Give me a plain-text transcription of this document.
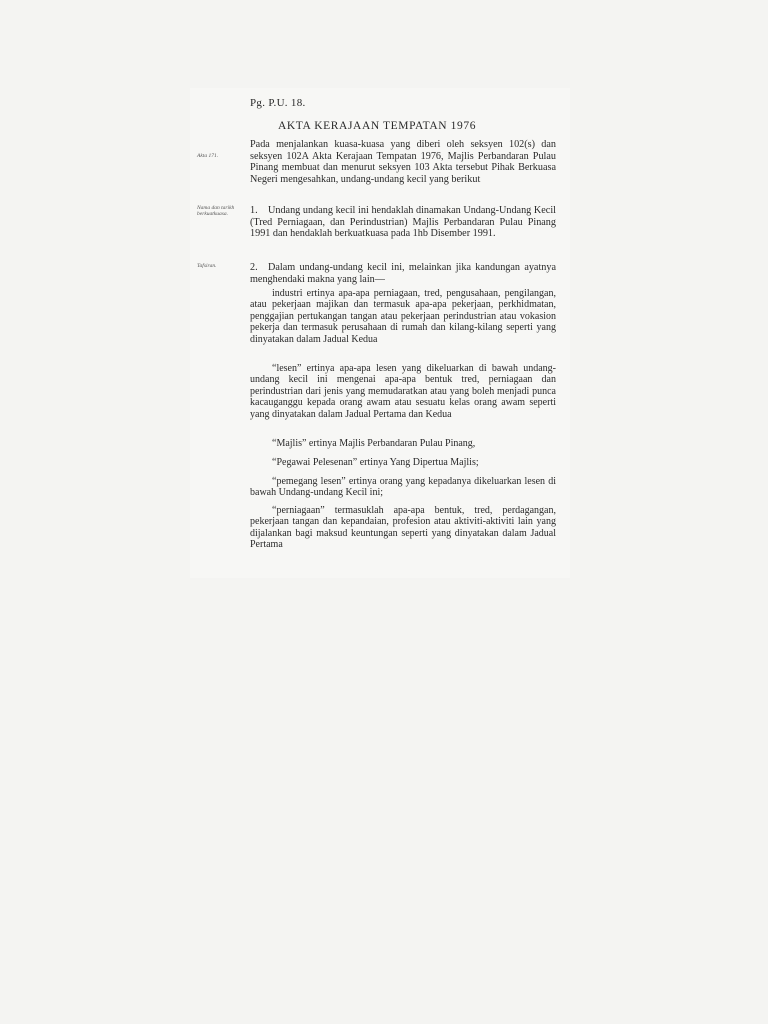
Pg. P.U. 18.
AKTA KERAJAAN TEMPATAN 1976
Akta 171.
Nama dan tarikh berkuatkuasa.
Tafsiran.
Pada menjalankan kuasa-kuasa yang diberi oleh seksyen 102(s) dan seksyen 102A Akta Kerajaan Tempatan 1976, Majlis Perbandaran Pulau Pinang membuat dan menurut seksyen 103 Akta tersebut Pihak Berkuasa Negeri mengesahkan, undang-undang kecil yang berikut
1. Undang undang kecil ini hendaklah dinamakan Undang-Undang Kecil (Tred Perniagaan, dan Perindustrian) Majlis Perbandaran Pulau Pinang 1991 dan hendaklah berkuatkuasa pada 1hb Disember 1991.
2. Dalam undang-undang kecil ini, melainkan jika kandungan ayatnya menghendaki makna yang lain—
industri ertinya apa-apa perniagaan, tred, pengusahaan, pengilangan, atau pekerjaan majikan dan termasuk apa-apa pekerjaan, perkhidmatan, penggajian pertukangan tangan atau pekerjaan perindustrian atau vokasion pekerja dan termasuk perusahaan di rumah dan kilang-kilang seperti yang dinyatakan dalam Jadual Kedua
“lesen” ertinya apa-apa lesen yang dikeluarkan di bawah undang-undang kecil ini mengenai apa-apa bentuk tred, perniagaan dan perindustrian dari jenis yang memudaratkan atau yang boleh menjadi punca kacauganggu kepada orang awam atau sesuatu kelas orang awam seperti yang dinyatakan dalam Jadual Pertama dan Kedua
“Majlis” ertinya Majlis Perbandaran Pulau Pinang,
“Pegawai Pelesenan” ertinya Yang Dipertua Majlis;
“pemegang lesen” ertinya orang yang kepadanya dikeluarkan lesen di bawah Undang-undang Kecil ini;
“perniagaan” termasuklah apa-apa bentuk, tred, perdagangan, pekerjaan tangan dan kepandaian, profesion atau aktiviti-aktiviti lain yang dijalankan bagi maksud keuntungan seperti yang dinyatakan dalam Jadual Pertama
